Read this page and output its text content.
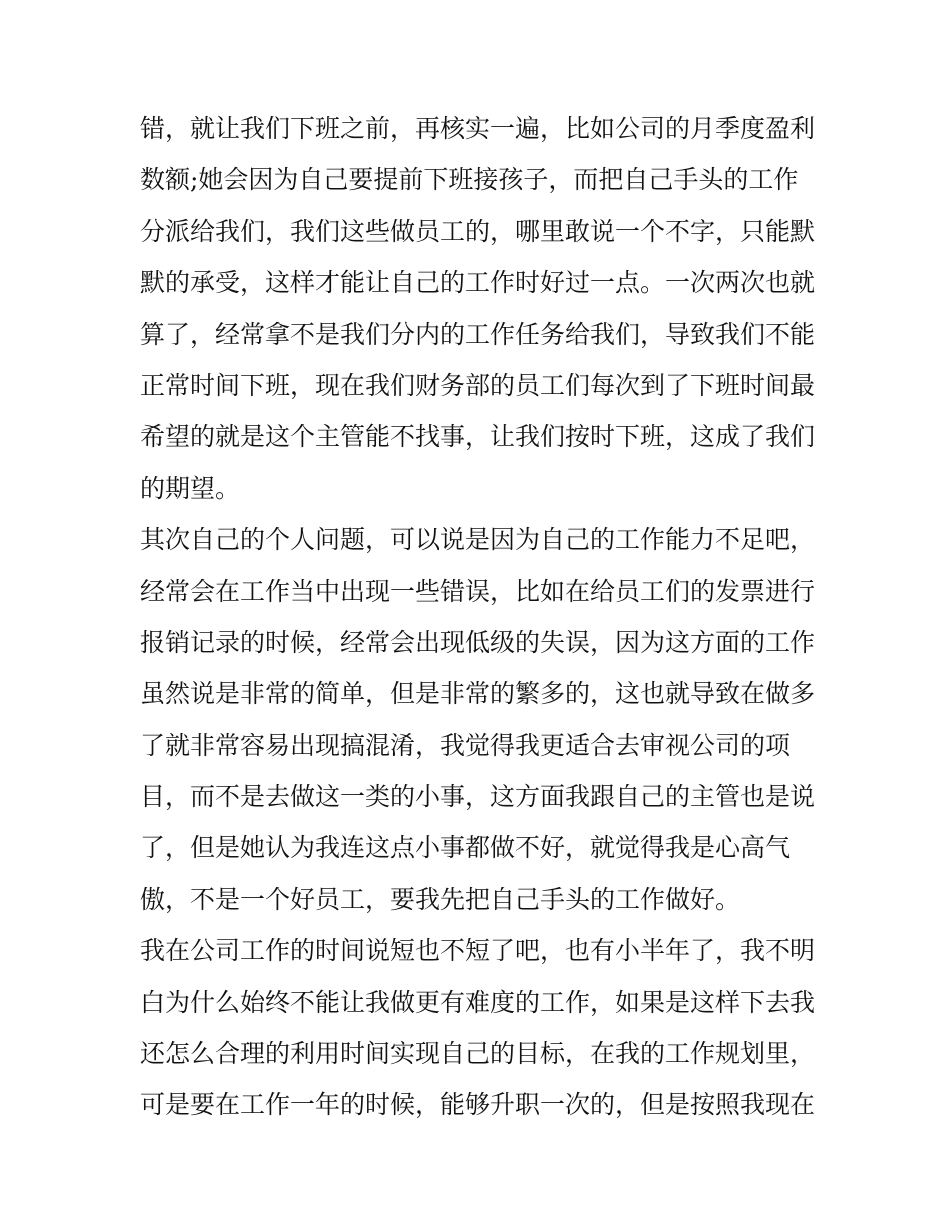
错，就让我们下班之前，再核实一遍，比如公司的月季度盈利
数额;她会因为自己要提前下班接孩子，而把自己手头的工作
分派给我们，我们这些做员工的，哪里敢说一个不字，只能默
默的承受，这样才能让自己的工作时好过一点。一次两次也就
算了，经常拿不是我们分内的工作任务给我们，导致我们不能
正常时间下班，现在我们财务部的员工们每次到了下班时间最
希望的就是这个主管能不找事，让我们按时下班，这成了我们
的期望。
其次自己的个人问题，可以说是因为自己的工作能力不足吧，
经常会在工作当中出现一些错误，比如在给员工们的发票进行
报销记录的时候，经常会出现低级的失误，因为这方面的工作
虽然说是非常的简单，但是非常的繁多的，这也就导致在做多
了就非常容易出现搞混淆，我觉得我更适合去审视公司的项
目，而不是去做这一类的小事，这方面我跟自己的主管也是说
了，但是她认为我连这点小事都做不好，就觉得我是心高气
傲，不是一个好员工，要我先把自己手头的工作做好。
我在公司工作的时间说短也不短了吧，也有小半年了，我不明
白为什么始终不能让我做更有难度的工作，如果是这样下去我
还怎么合理的利用时间实现自己的目标，在我的工作规划里，
可是要在工作一年的时候，能够升职一次的，但是按照我现在
